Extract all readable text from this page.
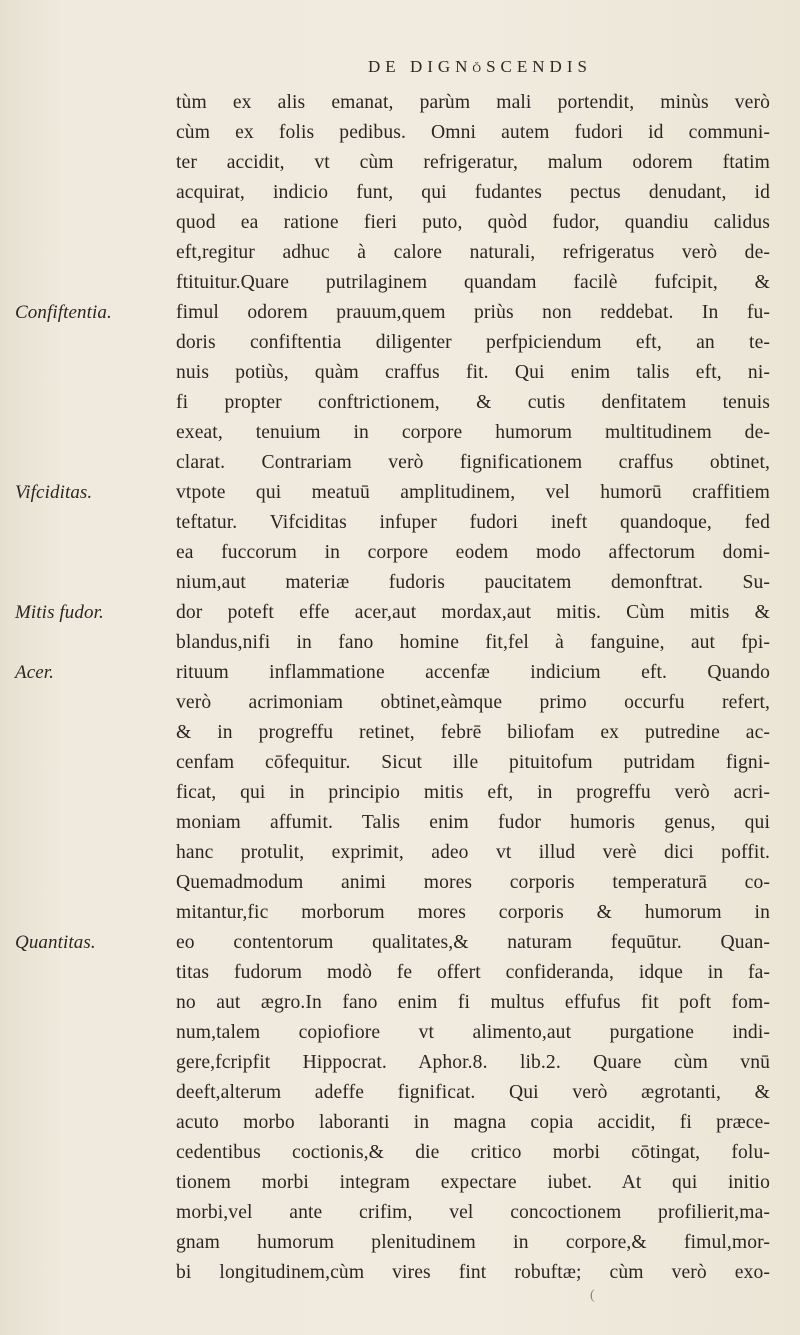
DE DIGNŏSCENDIS
tùm ex alis emanat, parùm mali portendit, minùs verò
cùm ex folis pedibus. Omni autem fudori id communi-
ter accidit, vt cùm refrigeratur, malum odorem ftatim
acquirat, indicio funt, qui fudantes pectus denudant, id
quod ea ratione fieri puto, quòd fudor, quandiu calidus
eft,regitur adhuc à calore naturali, refrigeratus verò de-
ftituitur.Quare putrilaginem quandam facilè fufcipit, &
fimul odorem prauum,quem priùs non reddebat. In fu-
Confiftentia.
doris confiftentia diligenter perfpiciendum eft, an te-
nuis potiùs, quàm craffus fit. Qui enim talis eft, ni-
fi propter conftrictionem, & cutis denfitatem tenuis
exeat, tenuium in corpore humorum multitudinem de-
clarat. Contrariam verò fignificationem craffus obtinet,
vtpote qui meatuū amplitudinem, vel humorū craffitiem
Vifciditas.
teftatur. Vifciditas infuper fudori ineft quandoque, fed
ea fuccorum in corpore eodem modo affectorum domi-
nium,aut materiæ fudoris paucitatem demonftrat. Su-
dor poteft effe acer,aut mordax,aut mitis. Cùm mitis &
Mitis fudor.
blandus,nifi in fano homine fit,fel à fanguine, aut fpi-
rituum inflammatione accenfæ indicium eft. Quando
Acer.
verò acrimoniam obtinet,eàmque primo occurfu refert,
& in progreffu retinet, febrē biliofam ex putredine ac-
cenfam cōfequitur. Sicut ille pituitofum putridam figni-
ficat, qui in principio mitis eft, in progreffu verò acri-
moniam affumit. Talis enim fudor humoris genus, qui
hanc protulit, exprimit, adeo vt illud verè dici poffit.
Quemadmodum animi mores corporis temperaturā co-
mitantur,fic morborum mores corporis & humorum in
eo contentorum qualitates,& naturam fequūtur. Quan-
Quantitas.
titas fudorum modò fe offert confideranda, idque in fa-
no aut ægro.In fano enim fi multus effufus fit poft fom-
num,talem copiofiore vt alimento,aut purgatione indi-
gere,fcripfit Hippocrat. Aphor.8. lib.2. Quare cùm vnū
deeft,alterum adeffe fignificat. Qui verò ægrotanti, &
acuto morbo laboranti in magna copia accidit, fi præce-
cedentibus coctionis,& die critico morbi cōtingat, folu-
tionem morbi integram expectare iubet. At qui initio
morbi,vel ante crifim, vel concoctionem profilierit,ma-
gnam humorum plenitudinem in corpore,& fimul,mor-
bi longitudinem,cùm vires fint robuftæ; cùm verò exo-
(
